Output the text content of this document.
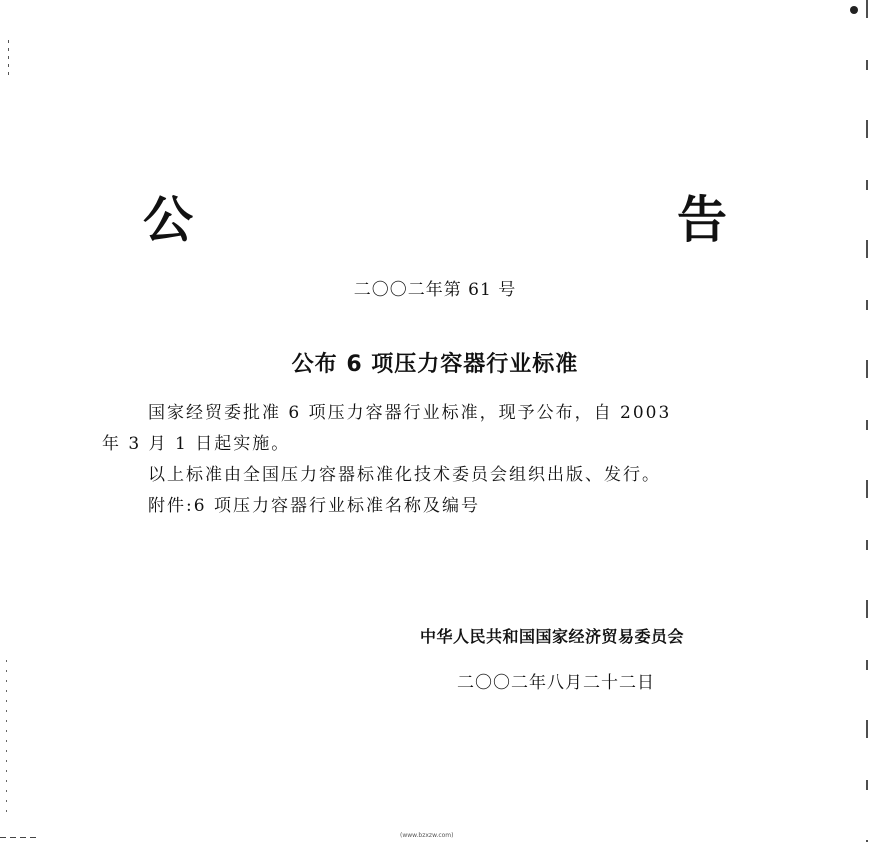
公　　告
二〇〇二年第 61 号
公布 6 项压力容器行业标准

国家经贸委批准 6 项压力容器行业标准，现予公布，自 2003

年 3 月 1 日起实施。

以上标准由全国压力容器标准化技术委员会组织出版、发行。

附件:6 项压力容器行业标准名称及编号

中华人民共和国国家经济贸易委员会
二〇〇二年八月二十二日
(www.bzxzw.com)
